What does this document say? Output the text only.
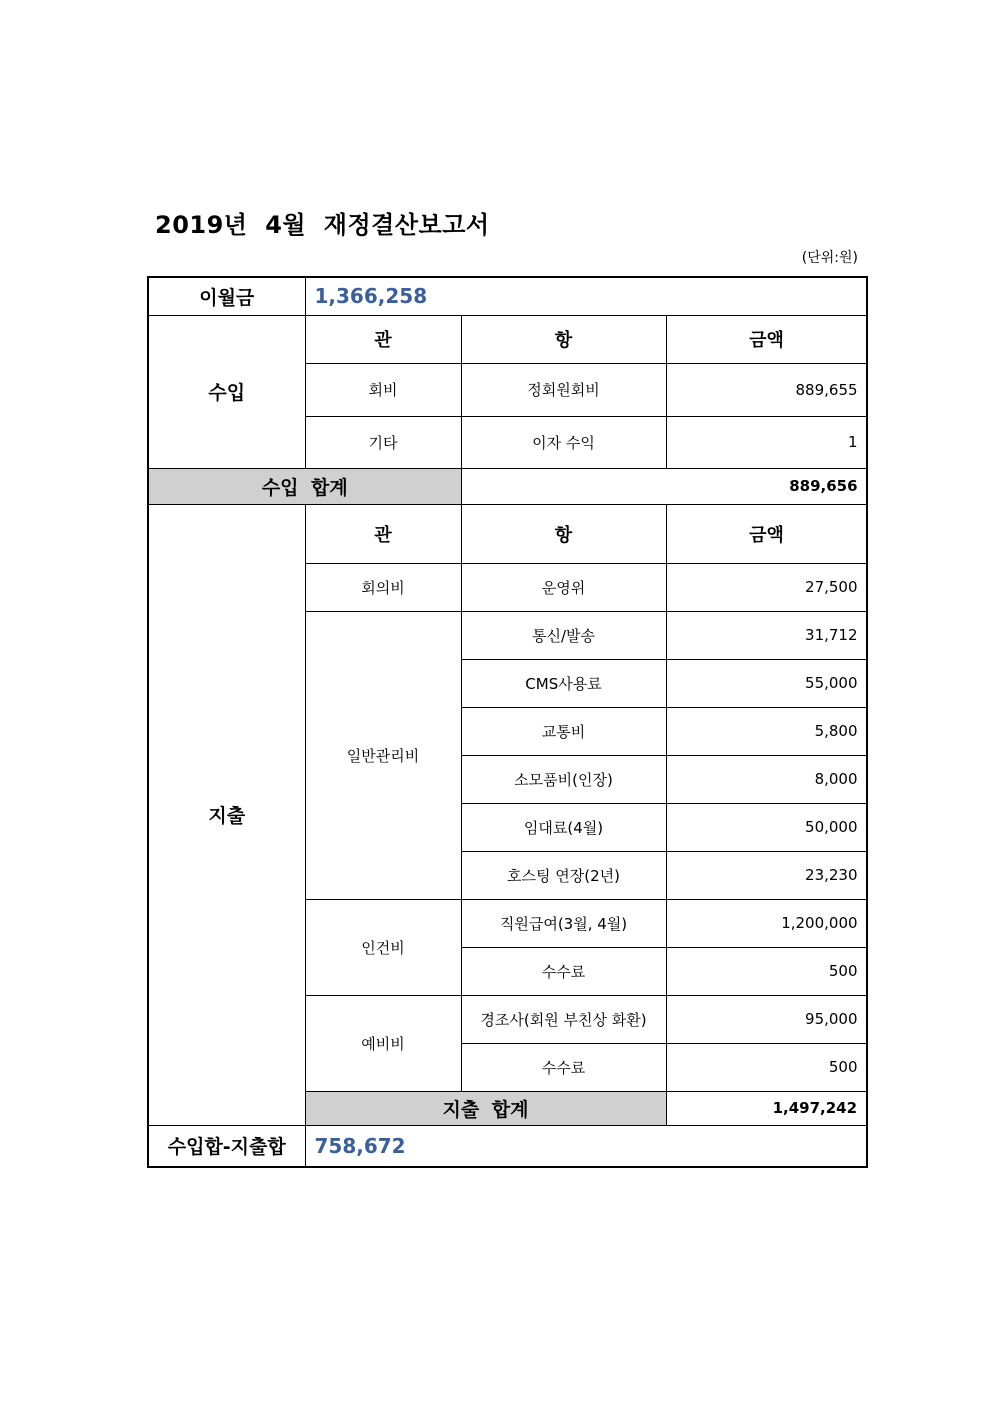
2019년  4월  재정결산보고서
(단위:원)
이월금	1,366,258		
수입	관	항	금액
	회비	정회원회비	889,655
	기타	이자 수익	1
수입 합계		889,656	
지출	관	항	금액
	회의비	운영위	27,500
	일반관리비	통신/발송	31,712
		CMS사용료	55,000
		교통비	5,800
		소모품비(인장)	8,000
		임대료(4월)	50,000
		호스팅 연장(2년)	23,230
	인건비	직원급여(3월, 4월)	1,200,000
		수수료	500
	예비비	경조사(회원 부친상 화환)	95,000
		수수료	500
	지출 합계		1,497,242
수입합-지출합	758,672		
